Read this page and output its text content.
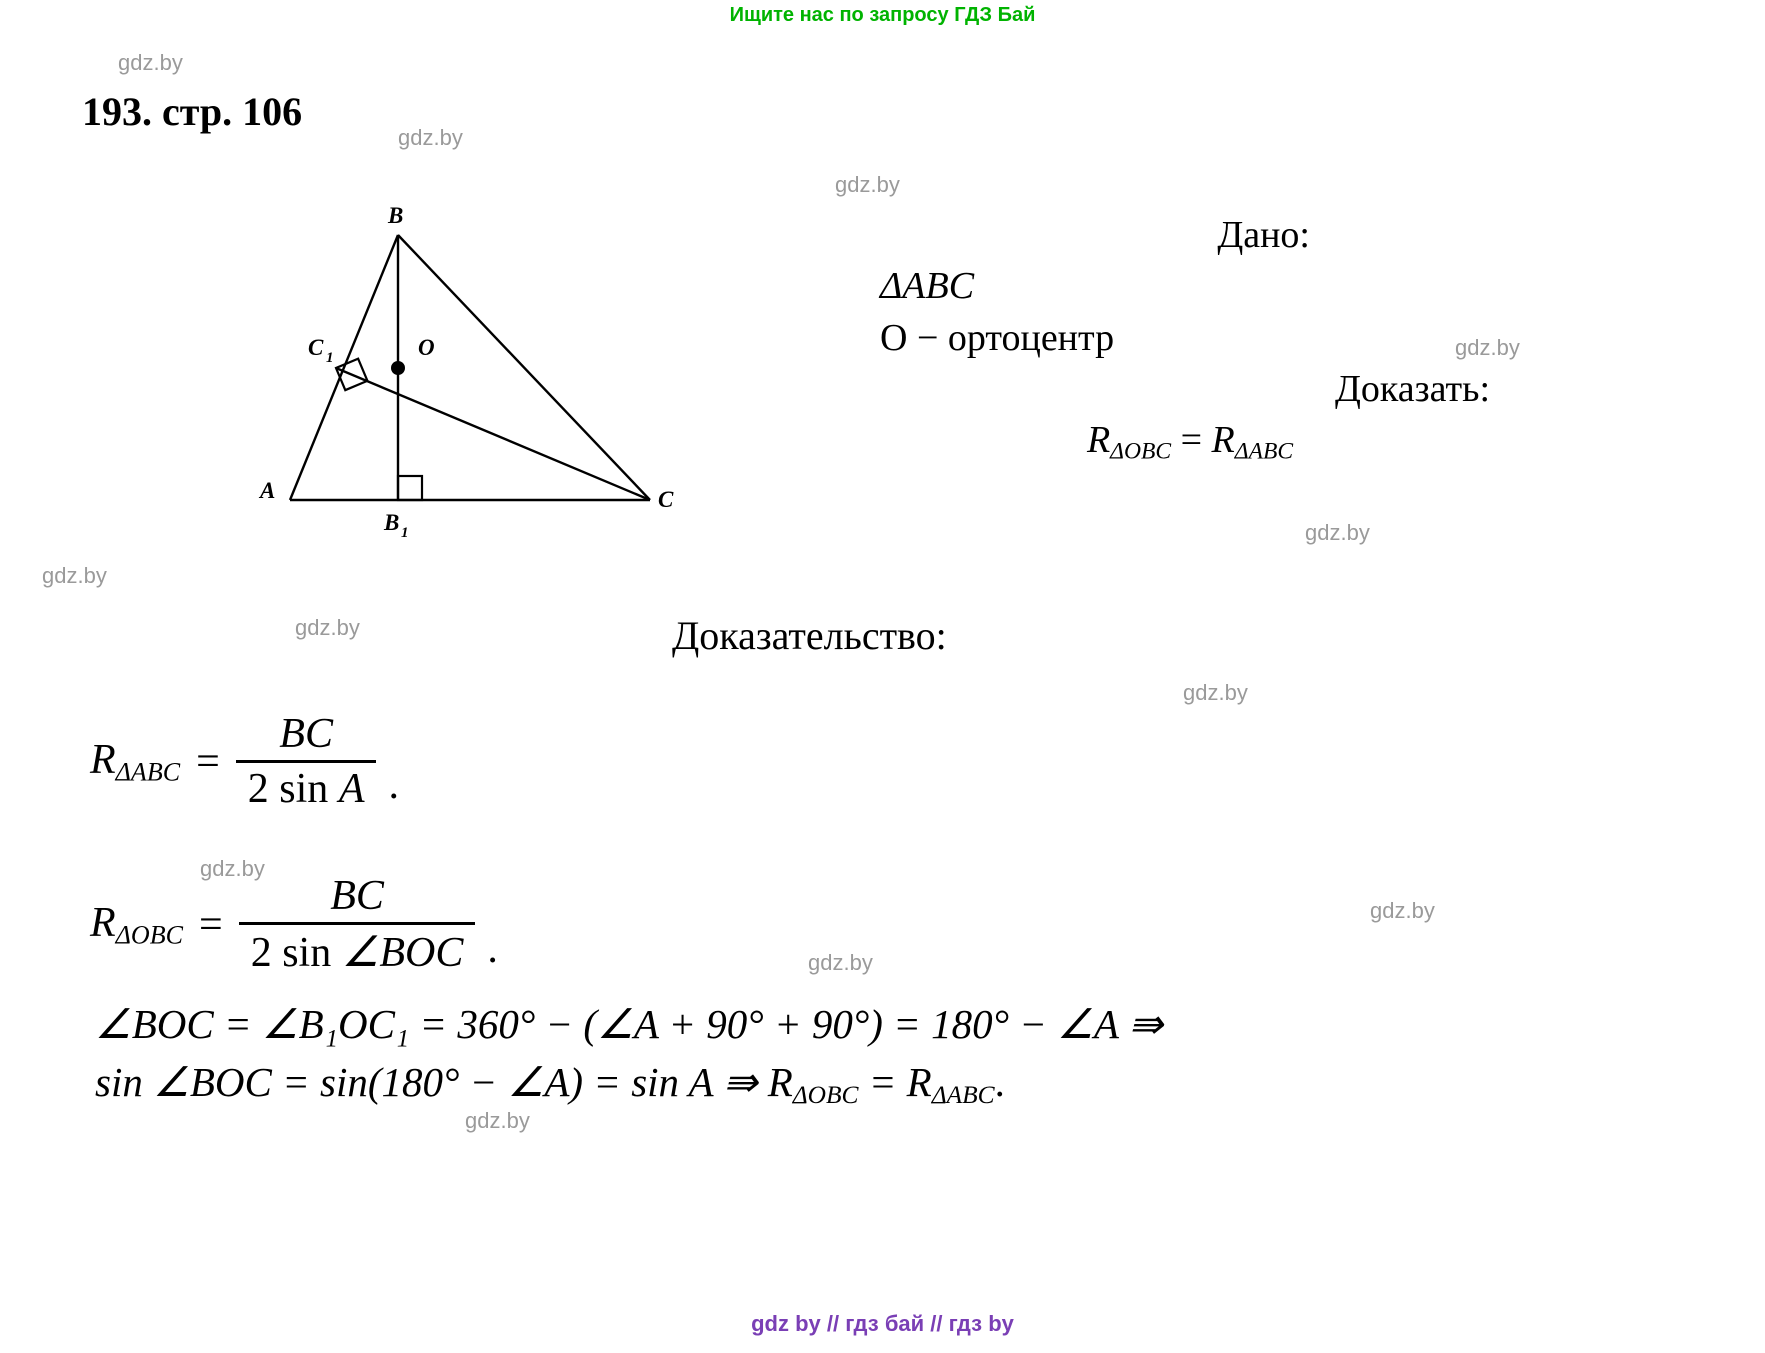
Ищите нас по запросу ГДЗ Бай
193. стр. 106
gdz.by
gdz.by
gdz.by
gdz.by
gdz.by
gdz.by
gdz.by
gdz.by
gdz.by
gdz.by
gdz.by
gdz.by
B
C 1	O
A
B 1
C
Дано:
ΔABC
O − ортоцентр
Доказать:
$R_{\Delta OBC} = R_{\Delta ABC}$
Доказательство:
$R_{\Delta ABC} = \frac{BC}{\text{2 sin A}}$ .
$R_{\Delta OBC} = \frac{BC}{\text{2 sin ∠BOC}}$ .
∠BOC = ∠B₁OC₁ = 360° − (∠A + 90° + 90°) = 180° − ∠A ⇛
sin ∠BOC = sin(180° − ∠A) = sin A ⇛ $R_{\Delta OBC} = R_{\Delta ABC}$.
gdz by // гдз бай // гдз by
